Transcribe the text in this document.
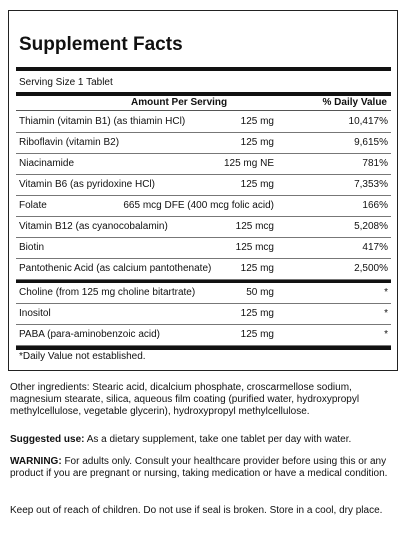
Supplement Facts
Serving Size 1 Tablet
Amount Per Serving	% Daily Value
Thiamin (vitamin B1) (as thiamin HCl)	125 mg	10,417%
Riboflavin (vitamin B2)	125 mg	9,615%
Niacinamide	125 mg NE	781%
Vitamin B6 (as pyridoxine HCl)	125 mg	7,353%
Folate	665 mcg DFE (400 mcg folic acid)	166%
Vitamin B12 (as cyanocobalamin)	125 mcg	5,208%
Biotin	125 mcg	417%
Pantothenic Acid (as calcium pantothenate)	125 mg	2,500%
Choline (from 125 mg choline bitartrate)	50 mg	*
Inositol	125 mg	*
PABA (para-aminobenzoic acid)	125 mg	*
*Daily Value not established.
Other ingredients: Stearic acid, dicalcium phosphate, croscarmellose sodium, magnesium stearate, silica, aqueous film coating (purified water, hydroxypropyl methylcellulose, vegetable glycerin), hydroxypropyl methylcellulose.
Suggested use: As a dietary supplement, take one tablet per day with water.
WARNING: For adults only. Consult your healthcare provider before using this or any product if you are pregnant or nursing, taking medication or have a medical condition.
Keep out of reach of children. Do not use if seal is broken. Store in a cool, dry place.
